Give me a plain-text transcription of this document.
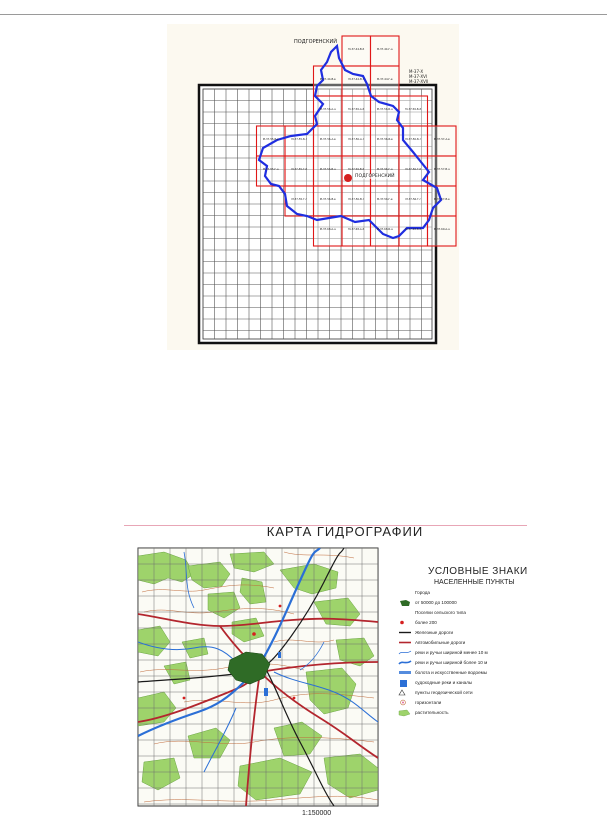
ПОДГОРЕНСКИЙ
ПОДГОРЕНСКИЙ
М-37-Х
М-37-XVI
М-37-XVII
М-37-44-В-б	М-37-44-Г-а
М-37-44-В-в	М-37-44-В-г	М-37-44-Г-в
М-37-56-А-а	М-37-56-А-б	М-37-56-Б-а	М-37-56-Б-б
М-37-55-Б-в	М-37-55-Б-г	М-37-56-А-в	М-37-56-А-г	М-37-56-Б-в	М-37-56-Б-г	М-37-57-А-в
М-37-55-Г-а	М-37-55-Г-б	М-37-56-В-а	М-37-56-В-б	М-37-56-Г-а	М-37-56-Г-б	М-37-57-В-а
М-37-55-Г-г	М-37-56-В-в	М-37-56-В-г	М-37-56-Г-в	М-37-56-Г-г	М-37-57-В-в
М-37-68-А-а	М-37-68-А-б	М-37-68-Б-а	М-37-68-Б-б	М-37-69-А-а
КАРТА ГИДРОГРАФИИ
УСЛОВНЫЕ ЗНАКИ
НАСЕЛЕННЫЕ ПУНКТЫ
Города
от 50000 до 100000
Поселки сельского типа
более 200
Железные дороги
Автомобильные дороги
реки и ручьи шириной менее 10 м
реки и ручьи шириной более 10 м
болота и искусственные водоемы
судоходные реки и каналы
пункты геодезической сети
горизонтали
растительность
1:150000
